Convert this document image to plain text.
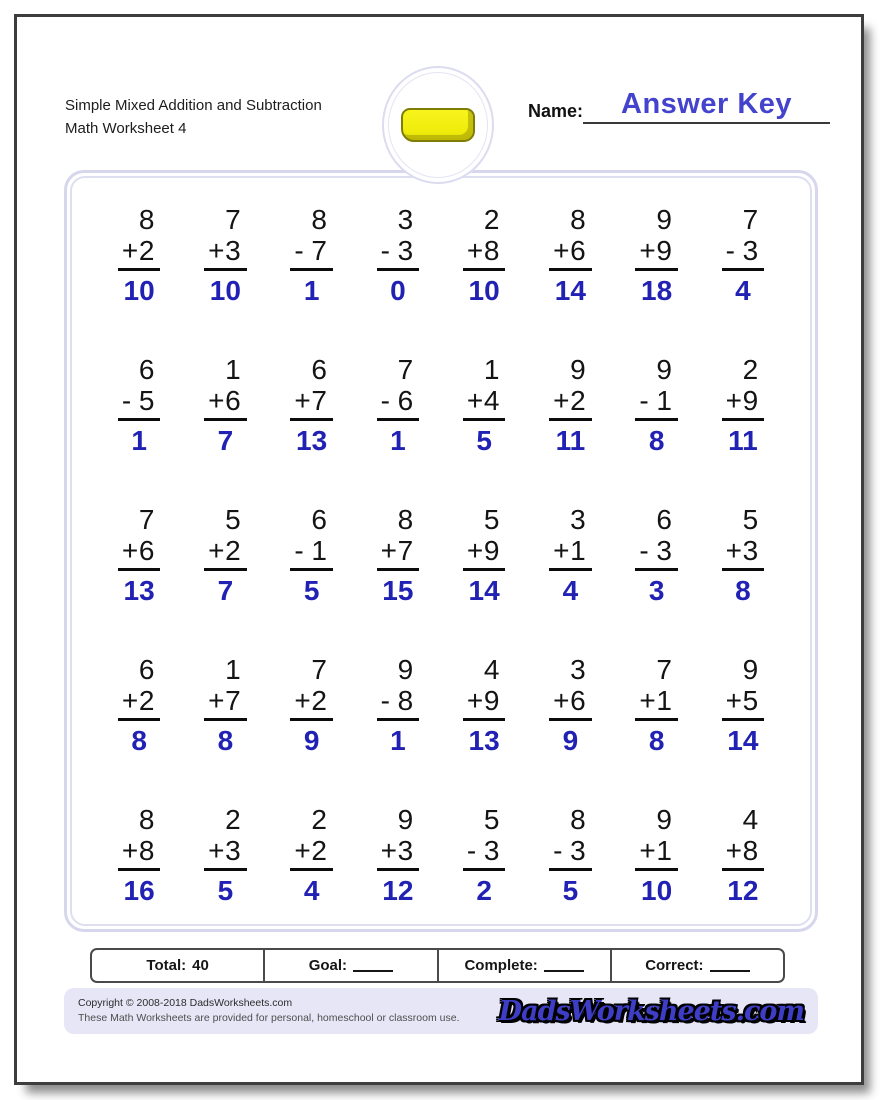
Simple Mixed Addition and Subtraction
Math Worksheet 4
Name:	Answer Key
8
+2
10
7
+3
10
8
- 7
1
3
- 3
0
2
+8
10
8
+6
14
9
+9
18
7
- 3
4
6
- 5
1
1
+6
7
6
+7
13
7
- 6
1
1
+4
5
9
+2
11
9
- 1
8
2
+9
11
7
+6
13
5
+2
7
6
- 1
5
8
+7
15
5
+9
14
3
+1
4
6
- 3
3
5
+3
8
6
+2
8
1
+7
8
7
+2
9
9
- 8
1
4
+9
13
3
+6
9
7
+1
8
9
+5
14
8
+8
16
2
+3
5
2
+2
4
9
+3
12
5
- 3
2
8
- 3
5
9
+1
10
4
+8
12
Total: 40	Goal:	Complete:	Correct:
Copyright © 2008-2018 DadsWorksheets.com
These Math Worksheets are provided for personal, homeschool or classroom use. DadsWorksheets.com
